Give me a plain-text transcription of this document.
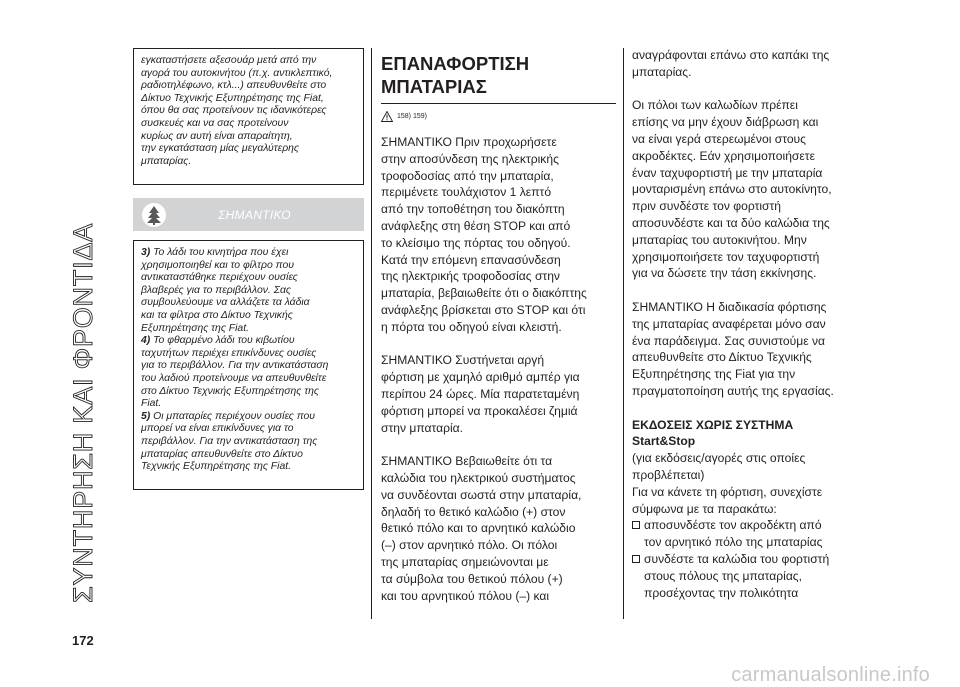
ΣΥΝΤΗΡΗΣΗ ΚΑΙ ΦΡΟΝΤΙΔΑ
172
εγκαταστήσετε αξεσουάρ μετά από την
αγορά του αυτοκινήτου (π.χ. αντικλεπτικό,
ραδιοτηλέφωνο, κτλ...) απευθυνθείτε στο
Δίκτυο Τεχνικής Εξυπηρέτησης της Fiat,
όπου θα σας προτείνουν τις ιδανικότερες
συσκευές και να σας προτείνουν
κυρίως αν αυτή είναι απαραίτητη,
την εγκατάσταση μίας μεγαλύτερης
μπαταρίας.
ΣΗΜΑΝΤΙΚΟ
3) Το λάδι του κινητήρα που έχει
χρησιμοποιηθεί και το φίλτρο που
αντικαταστάθηκε περιέχουν ουσίες
βλαβερές για το περιβάλλον. Σας
συμβουλεύουμε να αλλάζετε τα λάδια
και τα φίλτρα στο Δίκτυο Τεχνικής
Εξυπηρέτησης της Fiat.
4) Το φθαρμένο λάδι του κιβωτίου
ταχυτήτων περιέχει επικίνδυνες ουσίες
για το περιβάλλον. Για την αντικατάσταση
του λαδιού προτείνουμε να απευθυνθείτε
στο Δίκτυο Τεχνικής Εξυπηρέτησης της
Fiat.
5) Οι μπαταρίες περιέχουν ουσίες που
μπορεί να είναι επικίνδυνες για το
περιβάλλον. Για την αντικατάσταση της
μπαταρίας απευθυνθείτε στο Δίκτυο
Τεχνικής Εξυπηρέτησης της Fiat.
ΕΠΑΝΑΦΟΡΤΙΣΗ
ΜΠΑΤΑΡΙΑΣ
158) 159)

ΣΗΜΑΝΤΙΚΟ Πριν προχωρήσετε
στην αποσύνδεση της ηλεκτρικής
τροφοδοσίας από την μπαταρία,
περιμένετε τουλάχιστον 1 λεπτό
από την τοποθέτηση του διακόπτη
ανάφλεξης στη θέση STOP και από
το κλείσιμο της πόρτας του οδηγού.
Κατά την επόμενη επανασύνδεση
της ηλεκτρικής τροφοδοσίας στην
μπαταρία, βεβαιωθείτε ότι ο διακόπτης
ανάφλεξης βρίσκεται στο STOP και ότι
η πόρτα του οδηγού είναι κλειστή.

ΣΗΜΑΝΤΙΚΟ Συστήνεται αργή
φόρτιση με χαμηλό αριθμό αμπέρ για
περίπου 24 ώρες. Μία παρατεταμένη
φόρτιση μπορεί να προκαλέσει ζημιά
στην μπαταρία.

ΣΗΜΑΝΤΙΚΟ Βεβαιωθείτε ότι τα
καλώδια του ηλεκτρικού συστήματος
να συνδέονται σωστά στην μπαταρία,
δηλαδή το θετικό καλώδιο (+) στον
θετικό πόλο και το αρνητικό καλώδιο
(–) στον αρνητικό πόλο. Οι πόλοι
της μπαταρίας σημειώνονται με
τα σύμβολα του θετικού πόλου (+)
και του αρνητικού πόλου (–) και

αναγράφονται επάνω στο καπάκι της
μπαταρίας.

Οι πόλοι των καλωδίων πρέπει
επίσης να μην έχουν διάβρωση και
να είναι γερά στερεωμένοι στους
ακροδέκτες. Εάν χρησιμοποιήσετε
έναν ταχυφορτιστή με την μπαταρία
μονταρισμένη επάνω στο αυτοκίνητο,
πριν συνδέστε τον φορτιστή
αποσυνδέστε και τα δύο καλώδια της
μπαταρίας του αυτοκινήτου. Μην
χρησιμοποιήσετε τον ταχυφορτιστή
για να δώσετε την τάση εκκίνησης.

ΣΗΜΑΝΤΙΚΟ Η διαδικασία φόρτισης
της μπαταρίας αναφέρεται μόνο σαν
ένα παράδειγμα. Σας συνιστούμε να
απευθυνθείτε στο Δίκτυο Τεχνικής
Εξυπηρέτησης της Fiat για την
πραγματοποίηση αυτής της εργασίας.

ΕΚΔΟΣΕΙΣ ΧΩΡΙΣ ΣΥΣΤΗΜΑ
Start&Stop
(για εκδόσεις/αγορές στις οποίες
προβλέπεται)
Για να κάνετε τη φόρτιση, συνεχίστε
σύμφωνα με τα παρακάτω:
αποσυνδέστε τον ακροδέκτη από
τον αρνητικό πόλο της μπαταρίας
συνδέστε τα καλώδια του φορτιστή
στους πόλους της μπαταρίας,
προσέχοντας την πολικότητα
carmanualsonline.info
